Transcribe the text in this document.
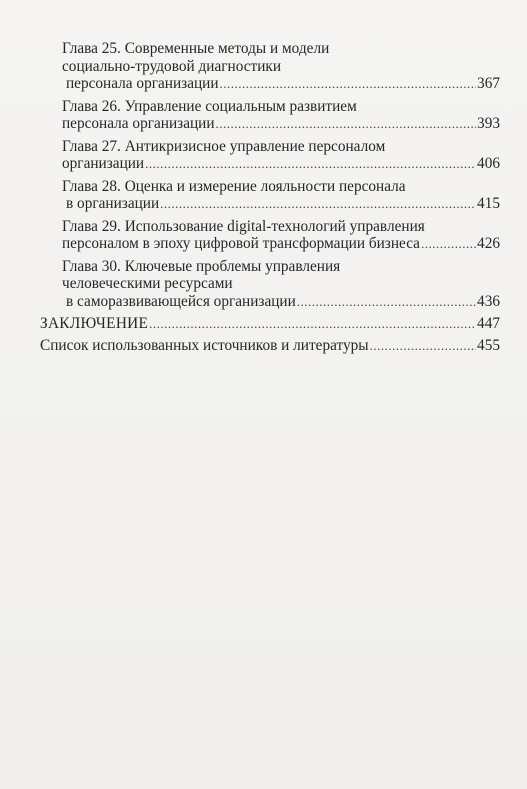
Глава 25. Современные методы и модели
социально-трудовой диагностики
персонала организации .....	367
Глава 26. Управление социальным развитием
персонала организации .....	393
Глава 27. Антикризисное управление персоналом
организации .....	406
Глава 28. Оценка и измерение лояльности персонала
в организации .....	415
Глава 29. Использование digital-технологий управления
персоналом в эпоху цифровой трансформации бизнеса .....	426
Глава 30. Ключевые проблемы управления
человеческими ресурсами
в саморазвивающейся организации .....	436
ЗАКЛЮЧЕНИЕ .....	447
Список использованных источников и литературы .....	455
